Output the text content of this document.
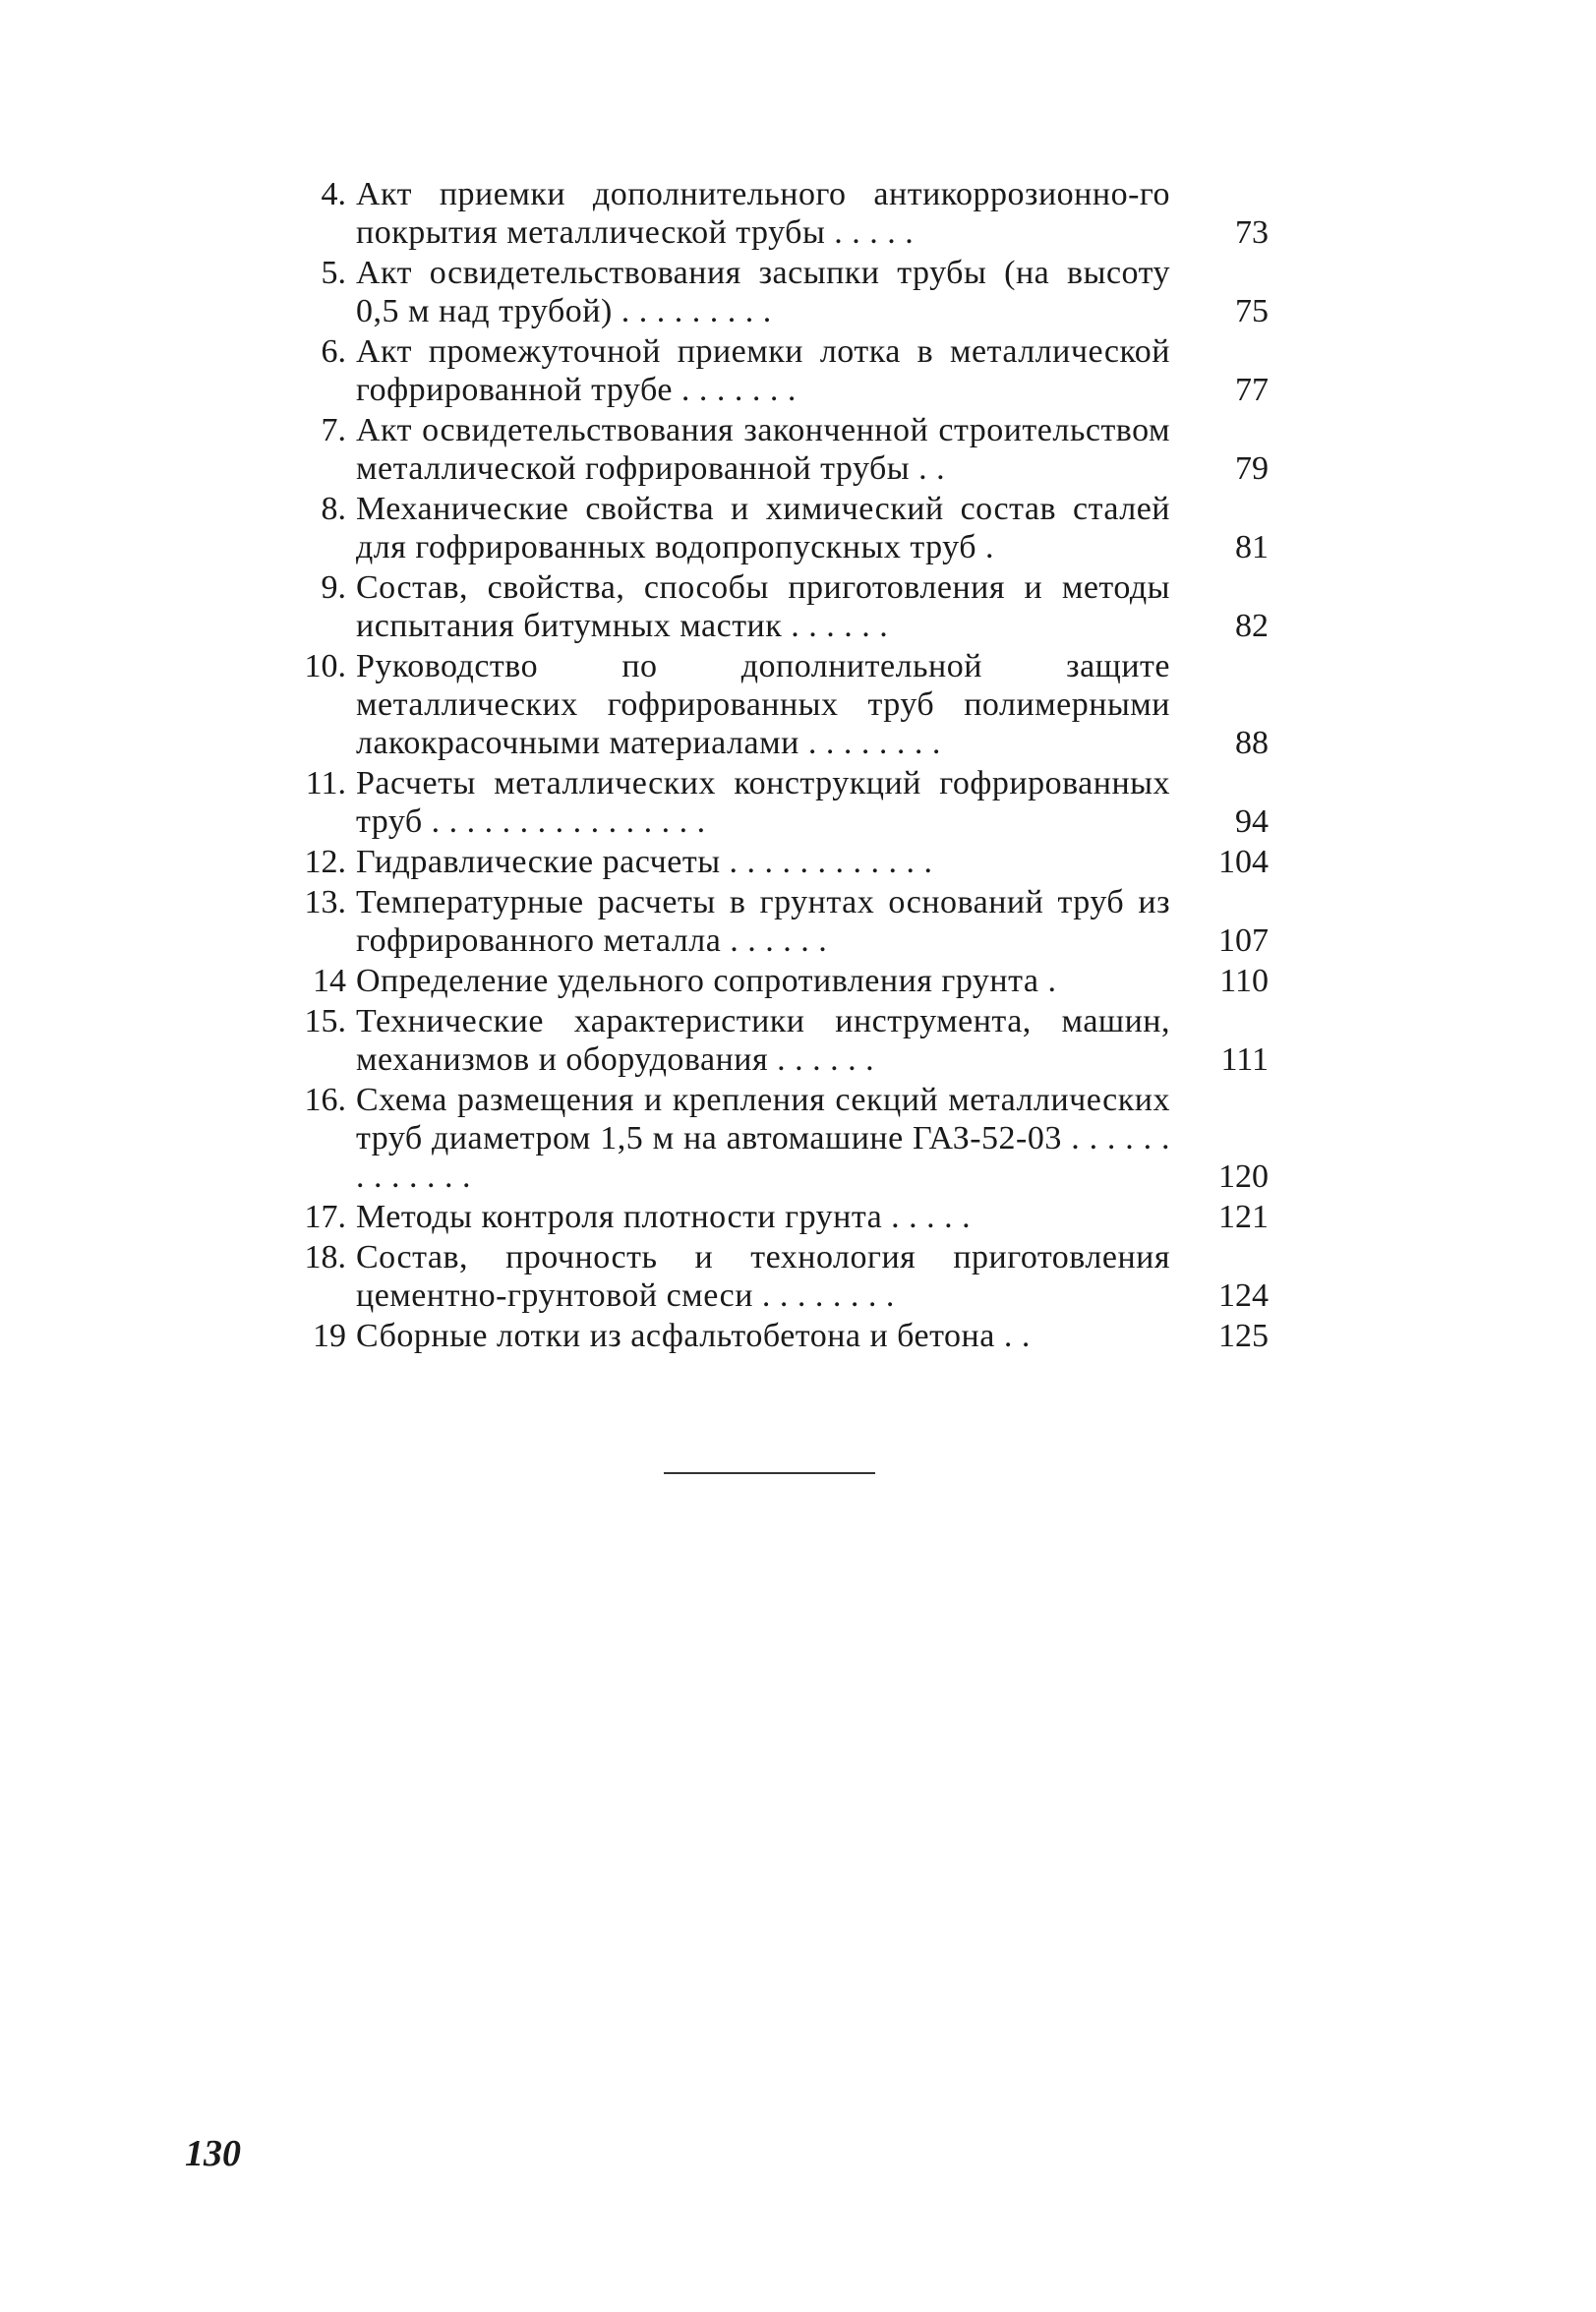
4. Акт приемки дополнительного антикоррозионно-го покрытия металлической трубы . . . . .	73
5. Акт освидетельствования засыпки трубы (на высоту 0,5 м над трубой) . . . . . . . . .	75
6. Акт промежуточной приемки лотка в металлической гофрированной трубе . . . . . . .	77
7. Акт освидетельствования законченной строительством металлической гофрированной трубы . .	79
8. Механические свойства и химический состав сталей для гофрированных водопропускных труб .	81
9. Состав, свойства, способы приготовления и методы испытания битумных мастик . . . . . .	82
10. Руководство по дополнительной защите металлических гофрированных труб полимерными лакокрасочными материалами . . . . . . . .	88
11. Расчеты металлических конструкций гофрированных труб . . . . . . . . . . . . . . . .	94
12. Гидравлические расчеты . . . . . . . . . . . .	104
13. Температурные расчеты в грунтах оснований труб из гофрированного металла . . . . . .	107
14 Определение удельного сопротивления грунта .	110
15. Технические характеристики инструмента, машин, механизмов и оборудования . . . . . .	111
16. Схема размещения и крепления секций металлических труб диаметром 1,5 м на автомашине ГАЗ-52-03 . . . . . . . . . . . . .	120
17. Методы контроля плотности грунта . . . . .	121
18. Состав, прочность и технология приготовления цементно-грунтовой смеси . . . . . . . .	124
19 Сборные лотки из асфальтобетона и бетона . .	125
130
